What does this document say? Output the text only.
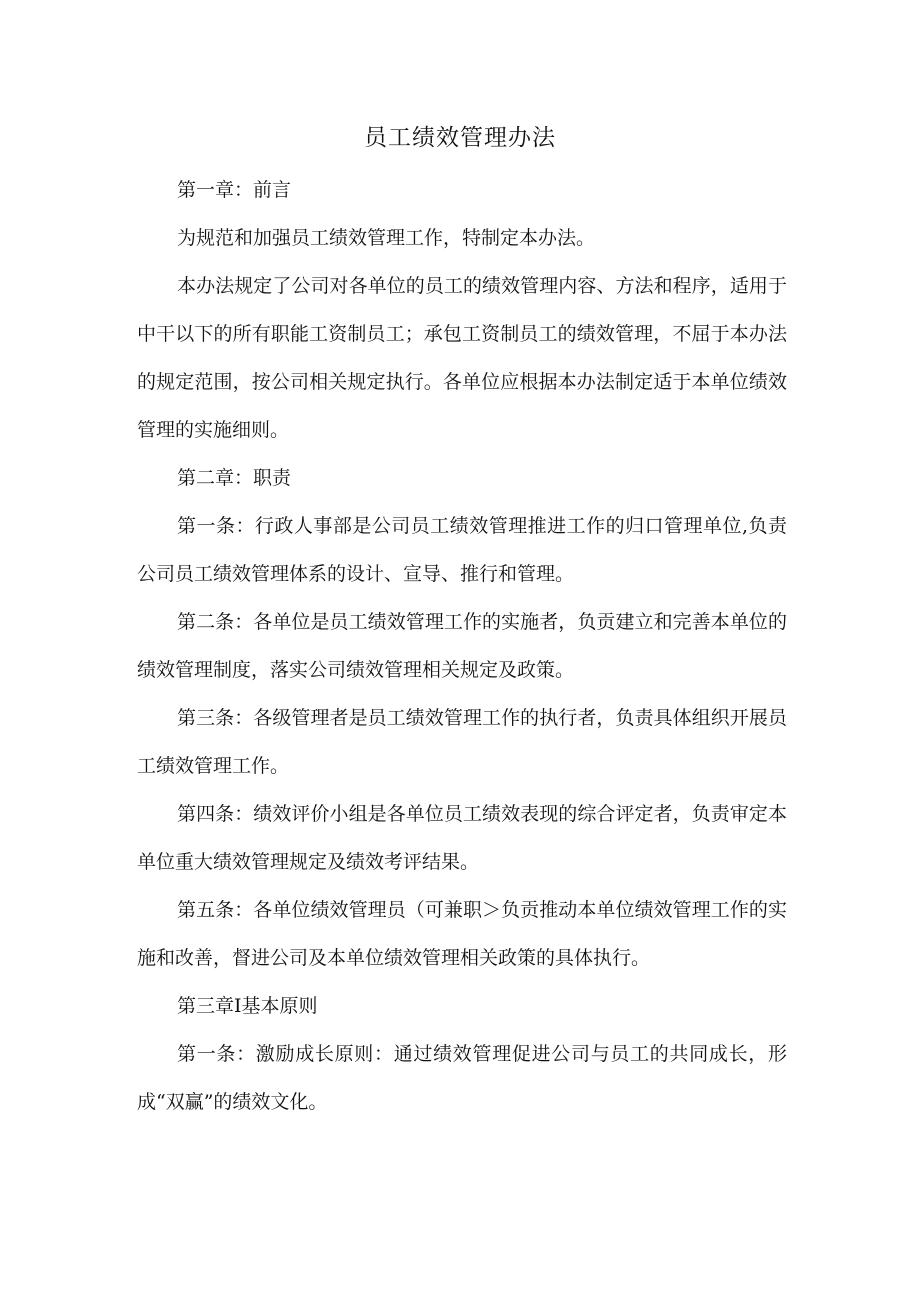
员工绩效管理办法

第一章：前言

为规范和加强员工绩效管理工作，特制定本办法。

本办法规定了公司对各单位的员工的绩效管理内容、方法和程序，适用于中干以下的所有职能工资制员工；承包工资制员工的绩效管理，不屈于本办法的规定范围，按公司相关规定执行。各单位应根据本办法制定适于本单位绩效管理的实施细则。

第二章：职责

第一条：行政人事部是公司员工绩效管理推进工作的归口管理单位,负责公司员工绩效管理体系的设计、宣导、推行和管理。

第二条：各单位是员工绩效管理工作的实施者，负贡建立和完善本单位的绩效管理制度，落实公司绩效管理相关规定及政策。

第三条：各级管理者是员工绩效管理工作的执行者，负责具体组织开展员工绩效管理工作。

第四条：绩效评价小组是各单位员工绩效表现的综合评定者，负责审定本单位重大绩效管理规定及绩效考评结果。

第五条：各单位绩效管理员（可兼职＞负贡推动本单位绩效管理工作的实施和改善，督进公司及本单位绩效管理相关政策的具体执行。

第三章I基本原则

第一条：激励成长原则：通过绩效管理促进公司与员工的共同成长，形成“双赢”的绩效文化。
